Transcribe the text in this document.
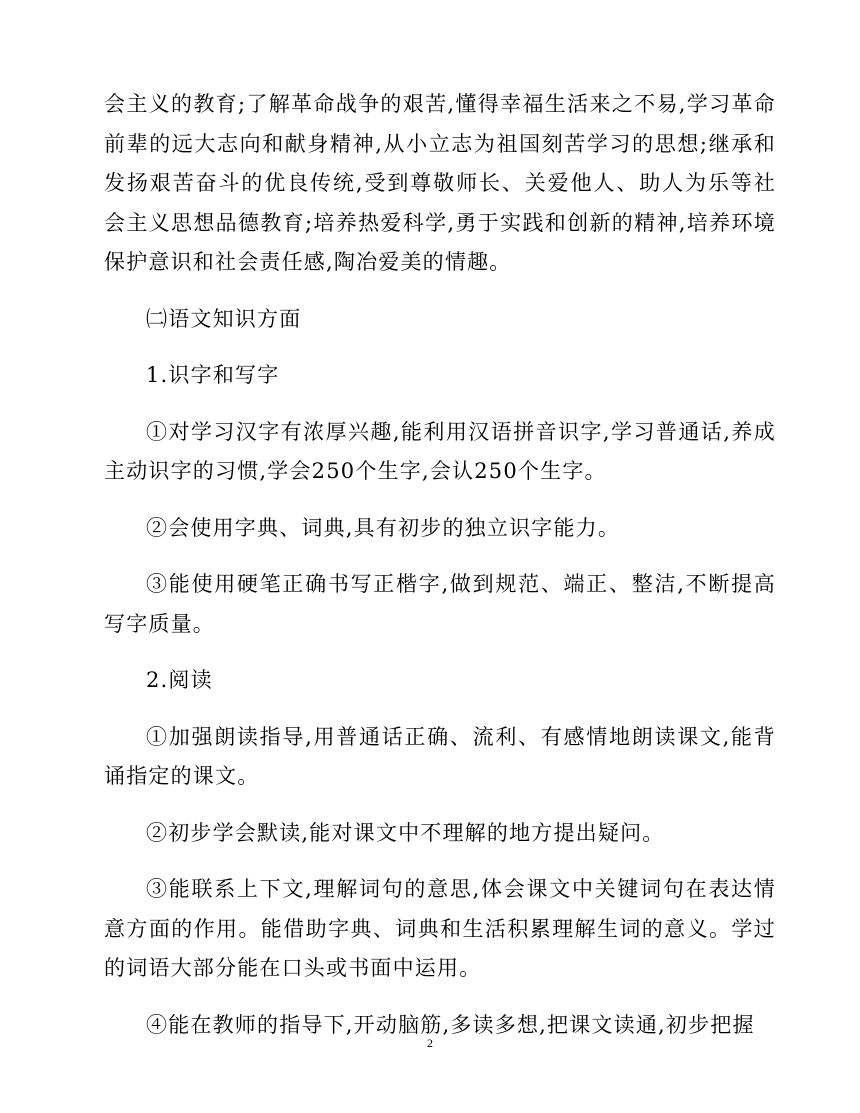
会主义的教育;了解革命战争的艰苦,懂得幸福生活来之不易,学习革命前辈的远大志向和献身精神,从小立志为祖国刻苦学习的思想;继承和发扬艰苦奋斗的优良传统,受到尊敬师长、关爱他人、助人为乐等社会主义思想品德教育;培养热爱科学,勇于实践和创新的精神,培养环境保护意识和社会责任感,陶冶爱美的情趣。

㈡语文知识方面

1.识字和写字

①对学习汉字有浓厚兴趣,能利用汉语拼音识字,学习普通话,养成主动识字的习惯,学会250个生字,会认250个生字。

②会使用字典、词典,具有初步的独立识字能力。

③能使用硬笔正确书写正楷字,做到规范、端正、整洁,不断提高写字质量。

2.阅读

①加强朗读指导,用普通话正确、流利、有感情地朗读课文,能背诵指定的课文。

②初步学会默读,能对课文中不理解的地方提出疑问。

③能联系上下文,理解词句的意思,体会课文中关键词句在表达情意方面的作用。能借助字典、词典和生活积累理解生词的意义。学过的词语大部分能在口头或书面中运用。

④能在教师的指导下,开动脑筋,多读多想,把课文读通,初步把握

2
